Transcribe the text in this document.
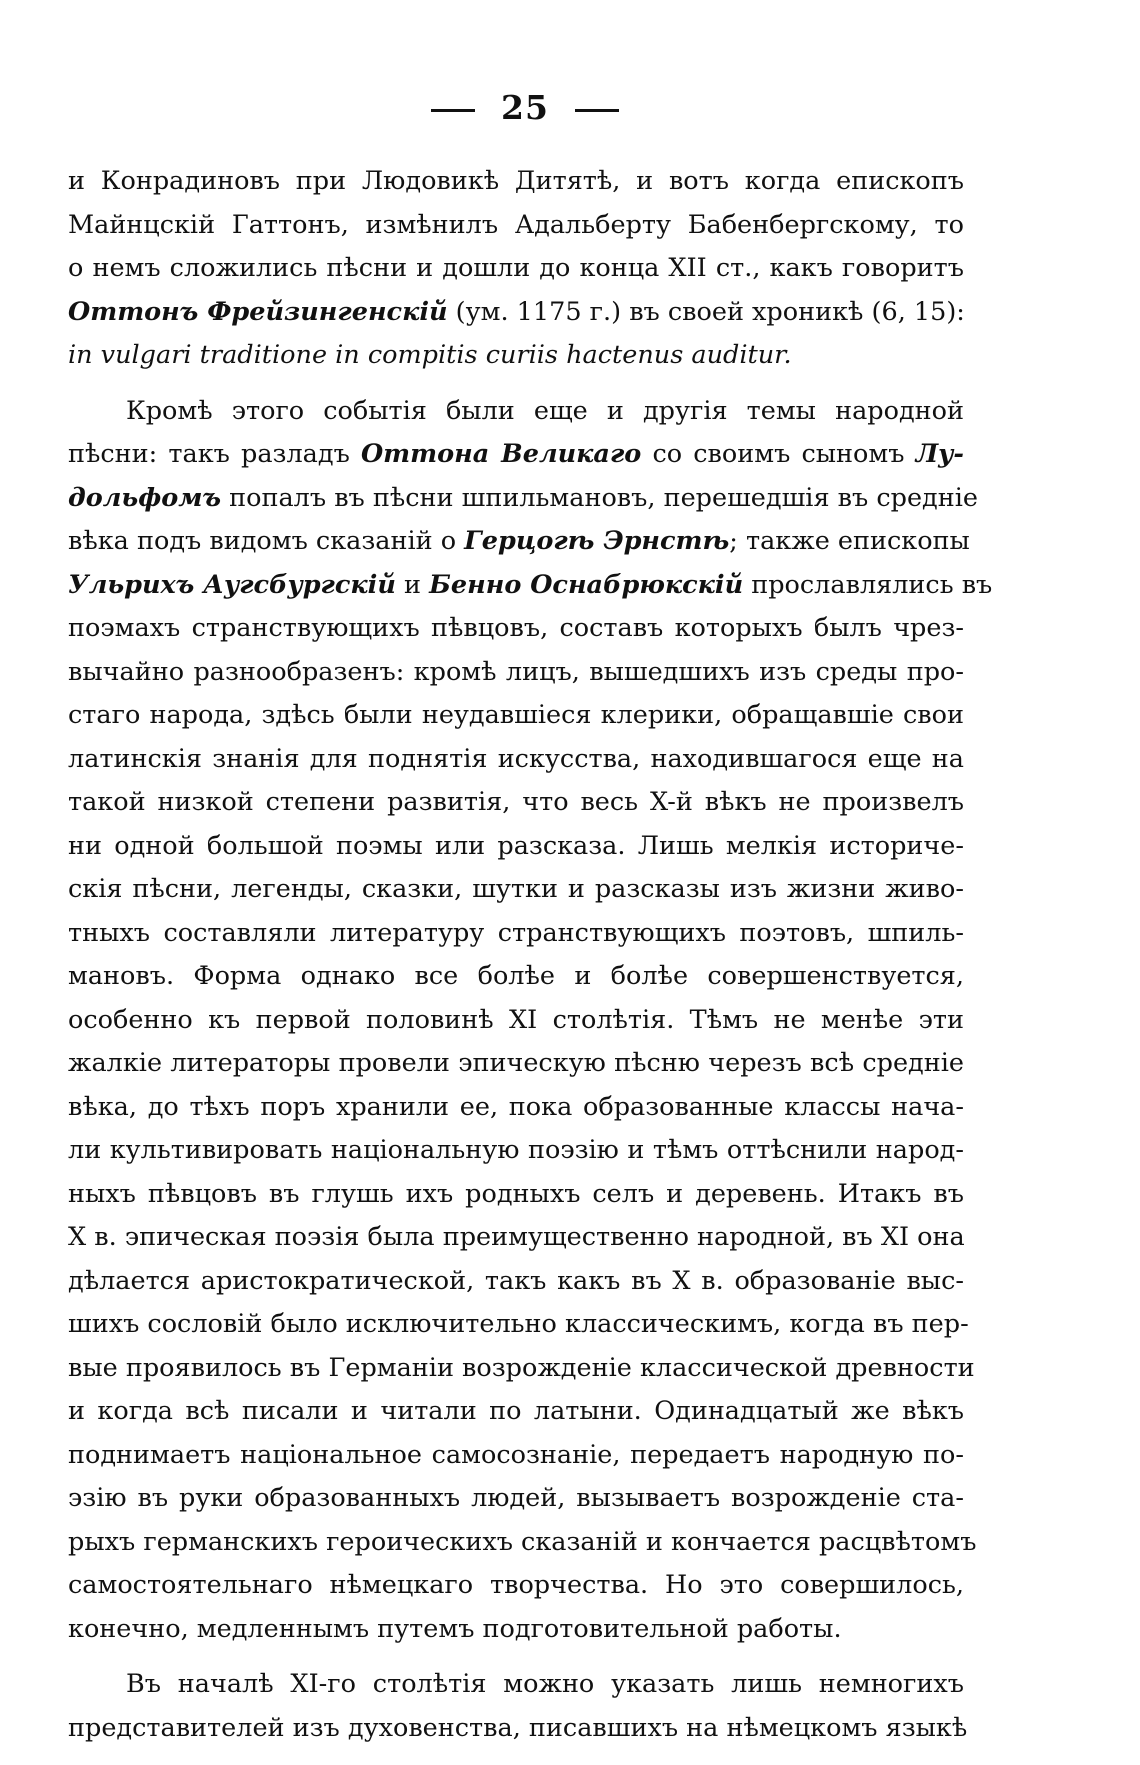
25
и Конрадиновъ при Людовикѣ Дитятѣ, и вотъ когда епископъ
Майнцскій Гаттонъ, измѣнилъ Адальберту Бабенбергскому, то
о немъ сложились пѣсни и дошли до конца XII ст., какъ говоритъ
Оттонъ Фрейзингенскій (ум. 1175 г.) въ своей хроникѣ (6, 15):
in vulgari traditione in compitis curiis hactenus auditur.
Кромѣ этого событія были еще и другія темы народной
пѣсни: такъ разладъ Оттона Великаго со своимъ сыномъ Лу-
дольфомъ попалъ въ пѣсни шпильмановъ, перешедшія въ средніе
вѣка подъ видомъ сказаній о Герцогѣ Эрнстѣ; также епископы
Ульрихъ Аугсбургскій и Бенно Оснабрюкскій прославлялись въ
поэмахъ странствующихъ пѣвцовъ, составъ которыхъ былъ чрез-
вычайно разнообразенъ: кромѣ лицъ, вышедшихъ изъ среды про-
стаго народа, здѣсь были неудавшіеся клерики, обращавшіе свои
латинскія знанія для поднятія искусства, находившагося еще на
такой низкой степени развитія, что весь X-й вѣкъ не произвелъ
ни одной большой поэмы или разсказа. Лишь мелкія историче-
скія пѣсни, легенды, сказки, шутки и разсказы изъ жизни живо-
тныхъ составляли литературу странствующихъ поэтовъ, шпиль-
мановъ. Форма однако все болѣе и болѣе совершенствуется,
особенно къ первой половинѣ XI столѣтія. Тѣмъ не менѣе эти
жалкіе литераторы провели эпическую пѣсню черезъ всѣ средніе
вѣка, до тѣхъ поръ хранили ее, пока образованные классы нача-
ли культивировать національную поэзію и тѣмъ оттѣснили народ-
ныхъ пѣвцовъ въ глушь ихъ родныхъ селъ и деревень. Итакъ въ
X в. эпическая поэзія была преимущественно народной, въ XI она
дѣлается аристократической, такъ какъ въ X в. образованіе выс-
шихъ сословій было исключительно классическимъ, когда въ пер-
вые проявилось въ Германіи возрожденіе классической древности
и когда всѣ писали и читали по латыни. Одинадцатый же вѣкъ
поднимаетъ національное самосознаніе, передаетъ народную по-
эзію въ руки образованныхъ людей, вызываетъ возрожденіе ста-
рыхъ германскихъ героическихъ сказаній и кончается расцвѣтомъ
самостоятельнаго нѣмецкаго творчества. Но это совершилось,
конечно, медленнымъ путемъ подготовительной работы.
Въ началѣ XI-го столѣтія можно указать лишь немногихъ
представителей изъ духовенства, писавшихъ на нѣмецкомъ языкѣ
